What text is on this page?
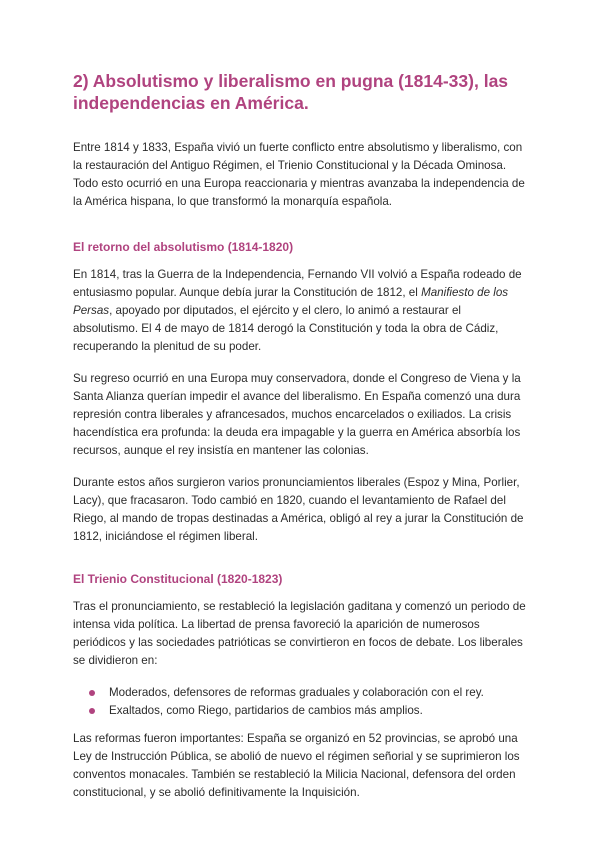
2) Absolutismo y liberalismo en pugna (1814-33), las independencias en América.

Entre 1814 y 1833, España vivió un fuerte conflicto entre absolutismo y liberalismo, con la restauración del Antiguo Régimen, el Trienio Constitucional y la Década Ominosa. Todo esto ocurrió en una Europa reaccionaria y mientras avanzaba la independencia de la América hispana, lo que transformó la monarquía española.

El retorno del absolutismo (1814-1820)

En 1814, tras la Guerra de la Independencia, Fernando VII volvió a España rodeado de entusiasmo popular. Aunque debía jurar la Constitución de 1812, el Manifiesto de los Persas, apoyado por diputados, el ejército y el clero, lo animó a restaurar el absolutismo. El 4 de mayo de 1814 derogó la Constitución y toda la obra de Cádiz, recuperando la plenitud de su poder.

Su regreso ocurrió en una Europa muy conservadora, donde el Congreso de Viena y la Santa Alianza querían impedir el avance del liberalismo. En España comenzó una dura represión contra liberales y afrancesados, muchos encarcelados o exiliados. La crisis hacendística era profunda: la deuda era impagable y la guerra en América absorbía los recursos, aunque el rey insistía en mantener las colonias.

Durante estos años surgieron varios pronunciamientos liberales (Espoz y Mina, Porlier, Lacy), que fracasaron. Todo cambió en 1820, cuando el levantamiento de Rafael del Riego, al mando de tropas destinadas a América, obligó al rey a jurar la Constitución de 1812, iniciándose el régimen liberal.

El Trienio Constitucional (1820-1823)

Tras el pronunciamiento, se restableció la legislación gaditana y comenzó un periodo de intensa vida política. La libertad de prensa favoreció la aparición de numerosos periódicos y las sociedades patrióticas se convirtieron en focos de debate. Los liberales se dividieron en:

Moderados, defensores de reformas graduales y colaboración con el rey.
Exaltados, como Riego, partidarios de cambios más amplios.

Las reformas fueron importantes: España se organizó en 52 provincias, se aprobó una Ley de Instrucción Pública, se abolió de nuevo el régimen señorial y se suprimieron los conventos monacales. También se restableció la Milicia Nacional, defensora del orden constitucional, y se abolió definitivamente la Inquisición.
